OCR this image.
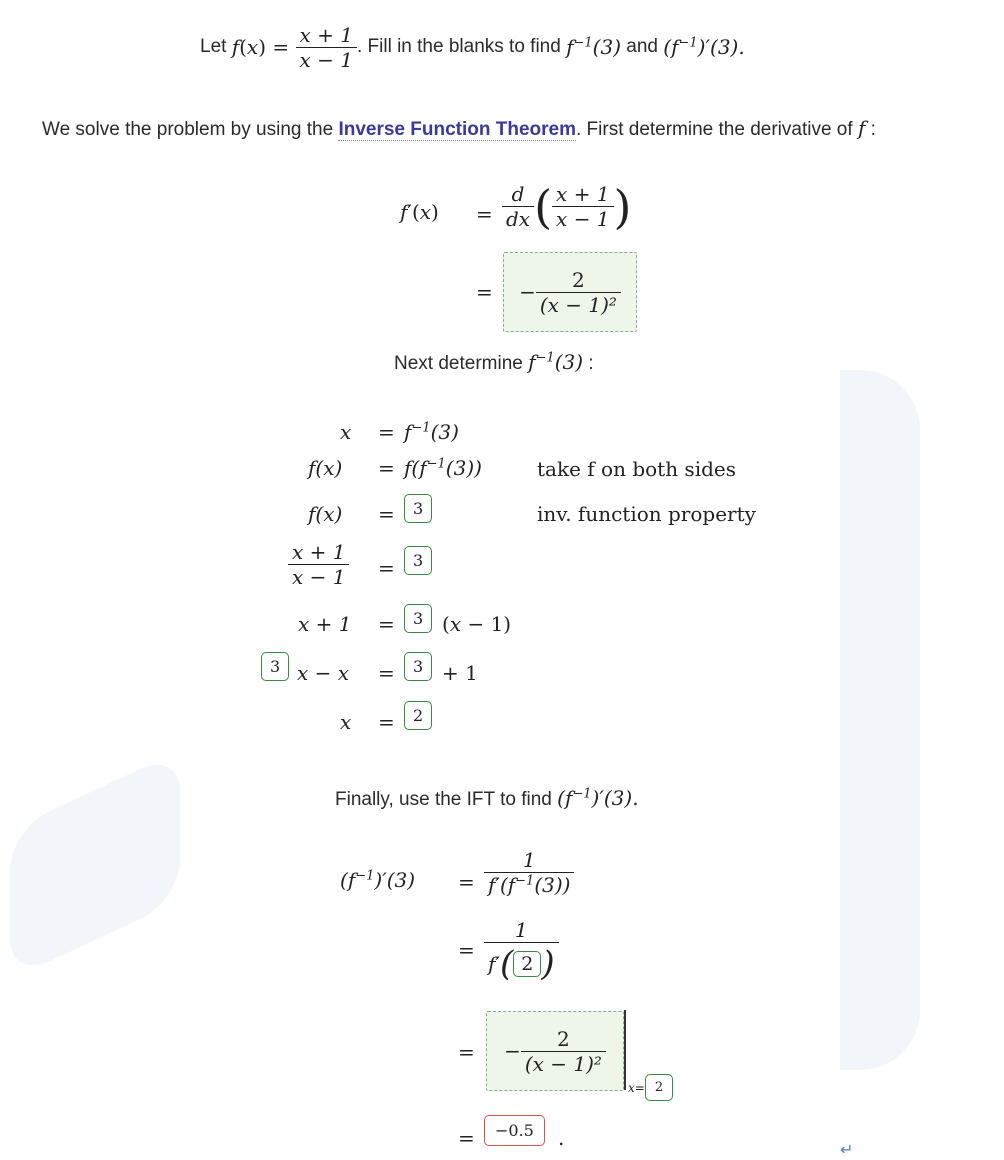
Let
f ( x ) = $\frac{x + 1}{x - 1}$ . Fill in the blanks to find
$f^{-1}(3)$
and
$(f^{-1})'(3)$.
We solve the problem by using the Inverse Function Theorem. First determine the derivative of f :
$f'(x) = \frac{d}{dx}$ ( $\frac{x + 1}{x - 1}$ )
= − $\frac{2}{\text{(x − 1)²}}$
Next determine $f^{-1}(3)$ :
$x = f^{-1}(3)$
$f(x) = f(f^{-1}(3))$	take f on both sides
f(x) =	3	inv. function property
$\frac{x + 1}{x - 1}$ =	3
x + 1 =	3 (x − 1)
3 x − x =	3 + 1
x =	2
Finally, use the IFT to find $(f^{-1})'(3)$.
$(f^{-1})'(3) = \frac{1}{f'(f^{-1}(3))}$
= $\frac{1}{f ' ( 2 )}$
= − $\frac{2}{\text{(x − 1)²}}$
x = 2
=	−0.5	.	↵
